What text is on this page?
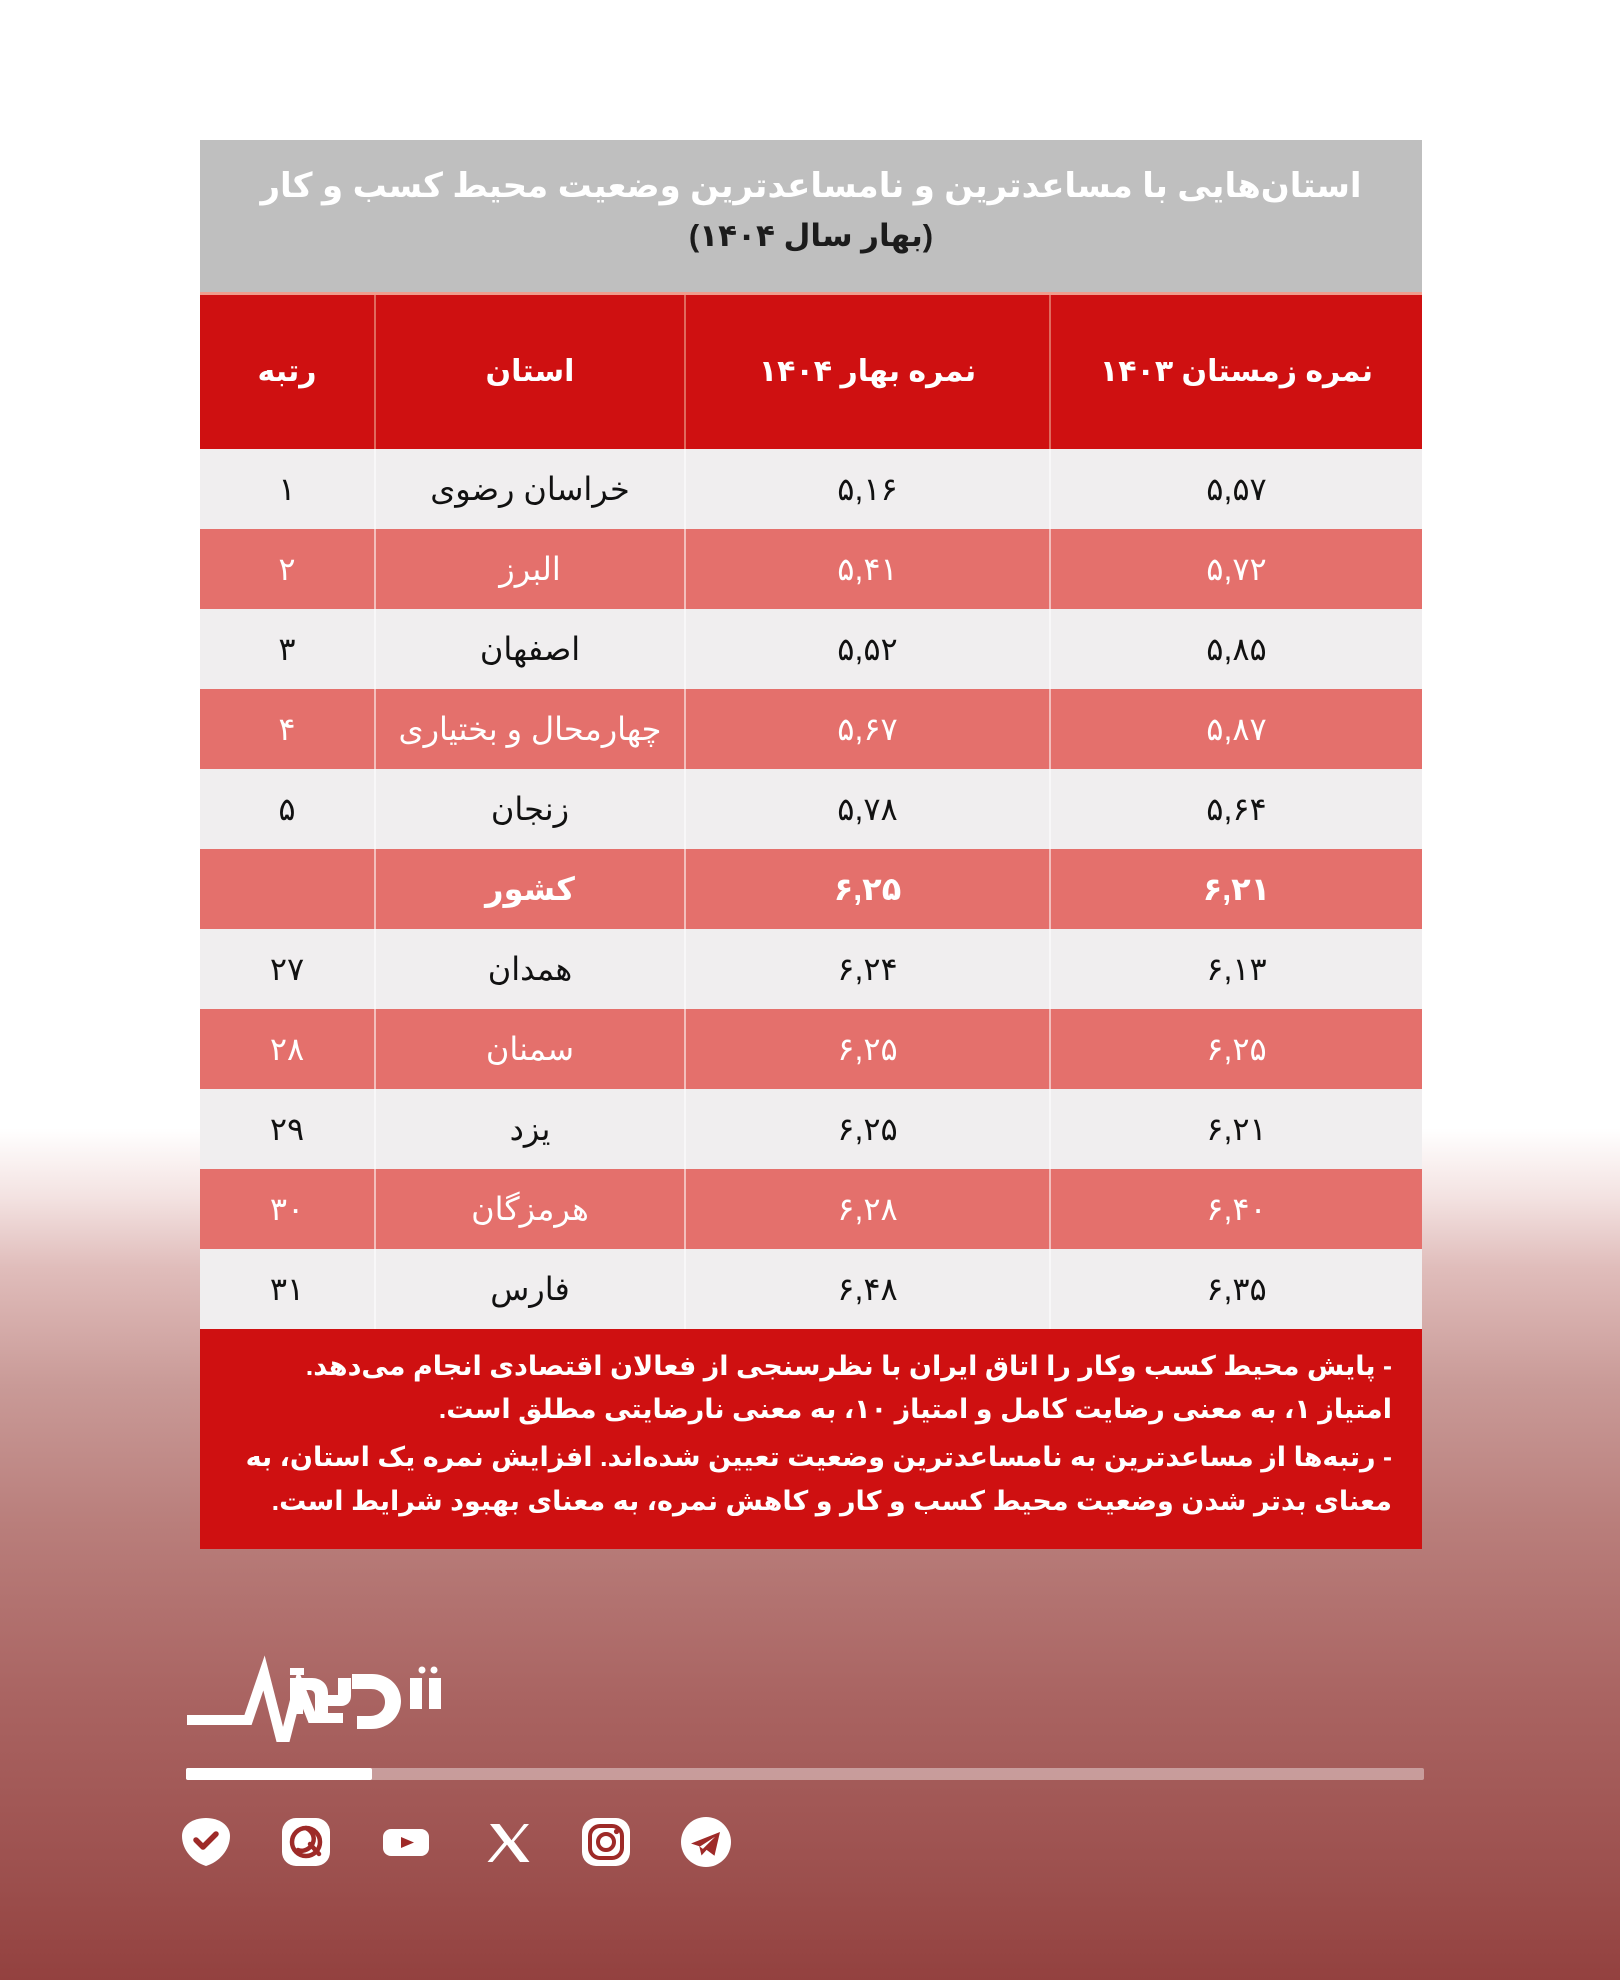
استان‌هایی با مساعدترین و نامساعدترین وضعیت محیط کسب و کار
(بهار سال ۱۴۰۴)
نمره زمستان ۱۴۰۳	نمره بهار ۱۴۰۴	استان	رتبه
۵,۵۷	۵,۱۶	خراسان رضوی	۱
۵,۷۲	۵,۴۱	البرز	۲
۵,۸۵	۵,۵۲	اصفهان	۳
۵,۸۷	۵,۶۷	چهارمحال و بختیاری	۴
۵,۶۴	۵,۷۸	زنجان	۵
۶,۲۱	۶,۲۵	کشور	
۶,۱۳	۶,۲۴	همدان	۲۷
۶,۲۵	۶,۲۵	سمنان	۲۸
۶,۲۱	۶,۲۵	یزد	۲۹
۶,۴۰	۶,۲۸	هرمزگان	۳۰
۶,۳۵	۶,۴۸	فارس	۳۱

- پایش محیط کسب وکار را اتاق ایران با نظرسنجی از فعالان اقتصادی انجام می‌دهد. امتیاز ۱، به معنی رضایت کامل و امتیاز ۱۰، به معنی نارضایتی مطلق است.

- رتبه‌ها از مساعدترین به نامساعدترین وضعیت تعیین شده‌اند. افزایش نمره یک استان، به معنای بدتر شدن وضعیت محیط کسب و کار و کاهش نمره، به معنای بهبود شرایط است.
